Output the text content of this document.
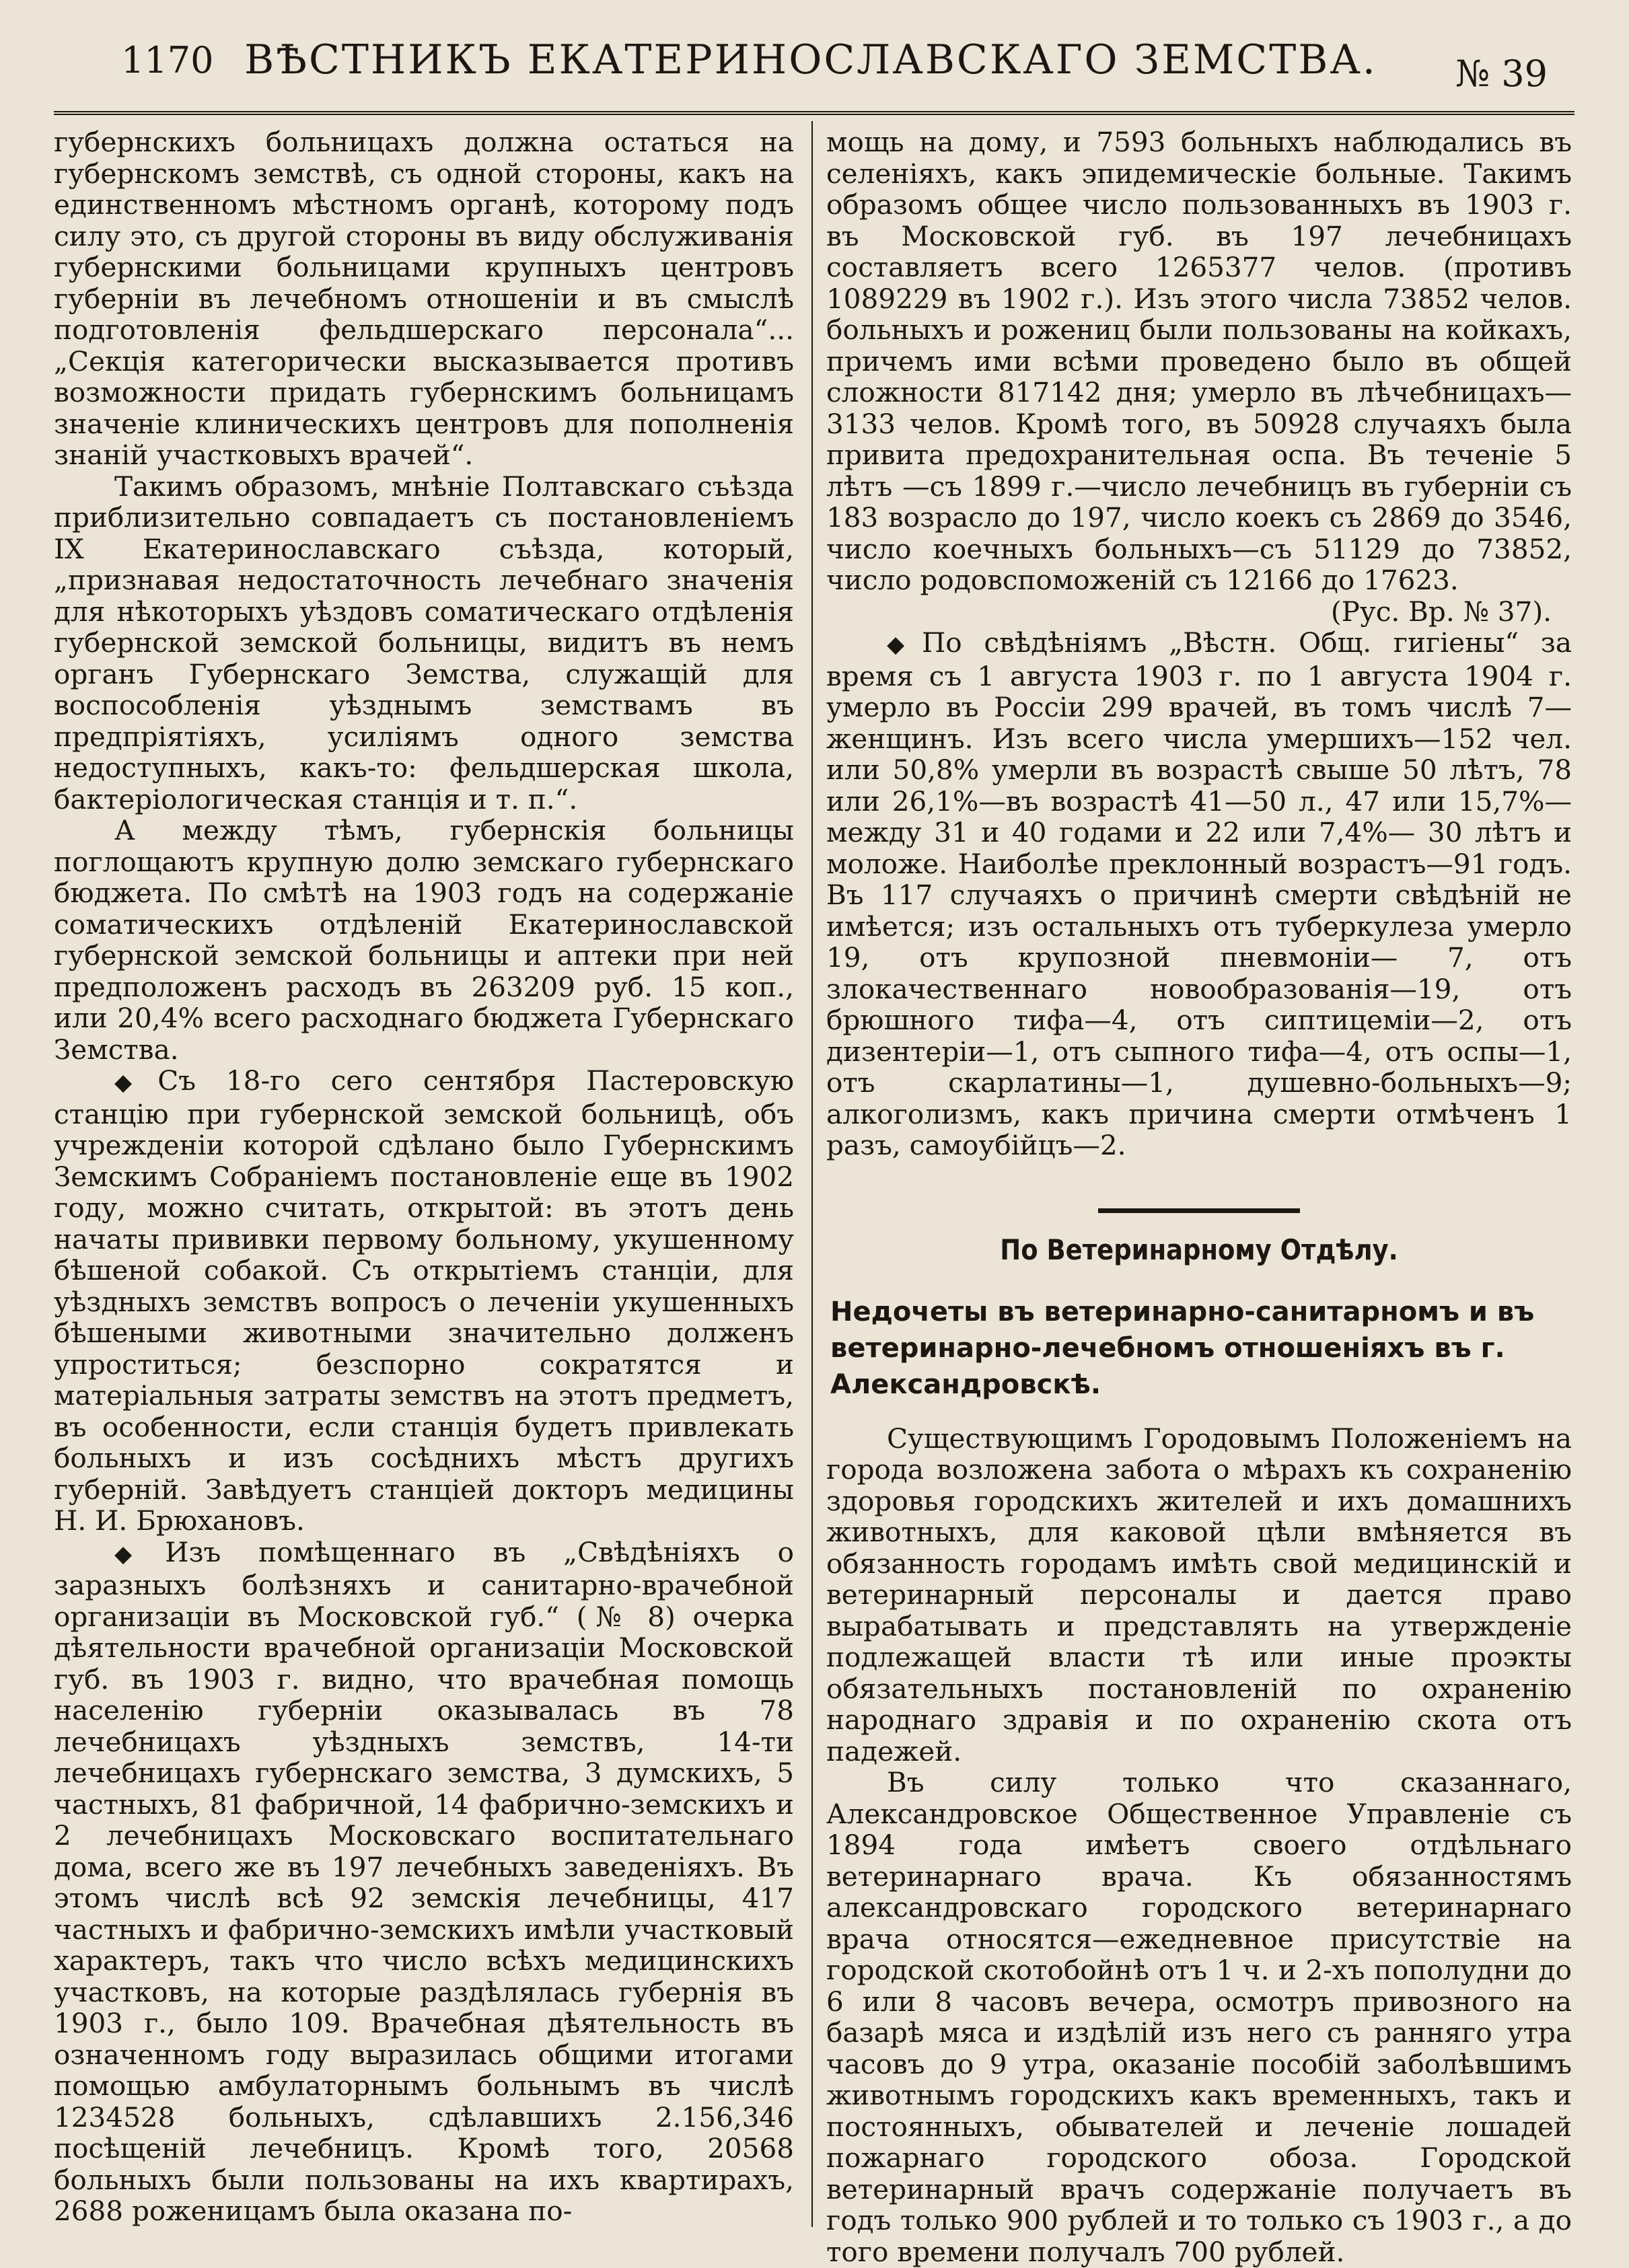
1170 ВѢСТНИКЪ ЕКАТЕРИНОСЛАВСКАГО ЗЕМСТВА.	№ 39

губернскихъ больницахъ должна остаться на губернскомъ земствѣ, съ одной стороны, какъ на единственномъ мѣстномъ органѣ, которому подъ силу это, съ другой стороны въ виду обслуживанія губернскими больницами крупныхъ центровъ губерніи въ лечебномъ отношеніи и въ смыслѣ подготовленія фельдшерскаго персонала“... „Секція категорически высказывается противъ возможности придать губернскимъ больницамъ значеніе клиническихъ центровъ для пополненія знаній участковыхъ врачей“.

Такимъ образомъ, мнѣніе Полтавскаго съѣзда приблизительно совпадаетъ съ постановленіемъ IX Екатеринославскаго съѣзда, который, „признавая недостаточность лечебнаго значенія для нѣкоторыхъ уѣздовъ соматическаго отдѣленія губернской земской больницы, видитъ въ немъ органъ Губернскаго Земства, служащій для воспособленія уѣзднымъ земствамъ въ предпріятіяхъ, усиліямъ одного земства недоступныхъ, какъ-то: фельдшерская школа, бактеріологическая станція и т. п.“.

А между тѣмъ, губернскія больницы поглощаютъ крупную долю земскаго губернскаго бюджета. По смѣтѣ на 1903 годъ на содержаніе соматическихъ отдѣленій Екатеринославской губернской земской больницы и аптеки при ней предположенъ расходъ въ 263209 руб. 15 коп., или 20,4% всего расходнаго бюджета Губернскаго Земства.

◆ Съ 18-го сего сентября Пастеровскую станцію при губернской земской больницѣ, объ учрежденіи которой сдѣлано было Губернскимъ Земскимъ Собраніемъ постановленіе еще въ 1902 году, можно считать, открытой: въ этотъ день начаты прививки первому больному, укушенному бѣшеной собакой. Съ открытіемъ станціи, для уѣздныхъ земствъ вопросъ о леченіи укушенныхъ бѣшеными животными значительно долженъ упроститься; безспорно сократятся и матеріальныя затраты земствъ на этотъ предметъ, въ особенности, если станція будетъ привлекать больныхъ и изъ сосѣднихъ мѣстъ другихъ губерній. Завѣдуетъ станціей докторъ медицины Н. И. Брюхановъ.

◆ Изъ помѣщеннаго въ „Свѣдѣніяхъ о заразныхъ болѣзняхъ и санитарно-врачебной организаціи въ Московской губ.“ (№ 8) очерка дѣятельности врачебной организаціи Московской губ. въ 1903 г. видно, что врачебная помощь населенію губерніи оказывалась въ 78 лечебницахъ уѣздныхъ земствъ, 14-ти лечебницахъ губернскаго земства, 3 думскихъ, 5 частныхъ, 81 фабричной, 14 фабрично-земскихъ и 2 лечебницахъ Московскаго воспитательнаго дома, всего же въ 197 лечебныхъ заведеніяхъ. Въ этомъ числѣ всѣ 92 земскія лечебницы, 417 частныхъ и фабрично-земскихъ имѣли участковый характеръ, такъ что число всѣхъ медицинскихъ участковъ, на которые раздѣлялась губернія въ 1903 г., было 109. Врачебная дѣятельность въ означенномъ году выразилась общими итогами помощью амбулаторнымъ больнымъ въ числѣ 1234528 больныхъ, сдѣлавшихъ 2.156,346 посѣщеній лечебницъ. Кромѣ того, 20568 больныхъ были пользованы на ихъ квартирахъ, 2688 роженицамъ была оказана по-

мощь на дому, и 7593 больныхъ наблюдались въ селеніяхъ, какъ эпидемическіе больные. Такимъ образомъ общее число пользованныхъ въ 1903 г. въ Московской губ. въ 197 лечебницахъ составляетъ всего 1265377 челов. (противъ 1089229 въ 1902 г.). Изъ этого числа 73852 челов. больныхъ и рожениц были пользованы на койкахъ, причемъ ими всѣми проведено было въ общей сложности 817142 дня; умерло въ лѣчебницахъ—3133 челов. Кромѣ того, въ 50928 случаяхъ была привита предохранительная оспа. Въ теченіе 5 лѣтъ —съ 1899 г.—число лечебницъ въ губерніи съ 183 возрасло до 197, число коекъ съ 2869 до 3546, число коечныхъ больныхъ—съ 51129 до 73852, число родовспоможеній съ 12166 до 17623.

(Рус. Вр. № 37).

◆ По свѣдѣніямъ „Вѣстн. Общ. гигіены“ за время съ 1 августа 1903 г. по 1 августа 1904 г. умерло въ Россіи 299 врачей, въ томъ числѣ 7— женщинъ. Изъ всего числа умершихъ—152 чел. или 50,8% умерли въ возрастѣ свыше 50 лѣтъ, 78 или 26,1%—въ возрастѣ 41—50 л., 47 или 15,7%—между 31 и 40 годами и 22 или 7,4%— 30 лѣтъ и моложе. Наиболѣе преклонный возрастъ—91 годъ. Въ 117 случаяхъ о причинѣ смерти свѣдѣній не имѣется; изъ остальныхъ отъ туберкулеза умерло 19, отъ крупозной пневмоніи— 7, отъ злокачественнаго новообразованія—19, отъ брюшного тифа—4, отъ сиптицеміи—2, отъ дизентеріи—1, отъ сыпного тифа—4, отъ оспы—1, отъ скарлатины—1, душевно-больныхъ—9; алкоголизмъ, какъ причина смерти отмѣченъ 1 разъ, самоубійцъ—2.

По Ветеринарному Отдѣлу.
Недочеты въ ветеринарно-санитарномъ и въ ветеринарно-лечебномъ отношеніяхъ въ г. Александровскѣ.

Существующимъ Городовымъ Положеніемъ на города возложена забота о мѣрахъ къ сохраненію здоровья городскихъ жителей и ихъ домашнихъ животныхъ, для каковой цѣли вмѣняется въ обязанность городамъ имѣть свой медицинскій и ветеринарный персоналы и дается право вырабатывать и представлять на утвержденіе подлежащей власти тѣ или иные проэкты обязательныхъ постановленій по охраненію народнаго здравія и по охраненію скота отъ падежей.

Въ силу только что сказаннаго, Александровское Общественное Управленіе съ 1894 года имѣетъ своего отдѣльнаго ветеринарнаго врача. Къ обязанностямъ александровскаго городского ветеринарнаго врача относятся—ежедневное присутствіе на городской скотобойнѣ отъ 1 ч. и 2-хъ пополудни до 6 или 8 часовъ вечера, осмотръ привозного на базарѣ мяса и издѣлій изъ него съ ранняго утра часовъ до 9 утра, оказаніе пособій заболѣвшимъ животнымъ городскихъ какъ временныхъ, такъ и постоянныхъ, обывателей и леченіе лошадей пожарнаго городского обоза. Городской ветеринарный врачъ содержаніе получаетъ въ годъ только 900 рублей и то только съ 1903 г., а до того времени получалъ 700 рублей.
